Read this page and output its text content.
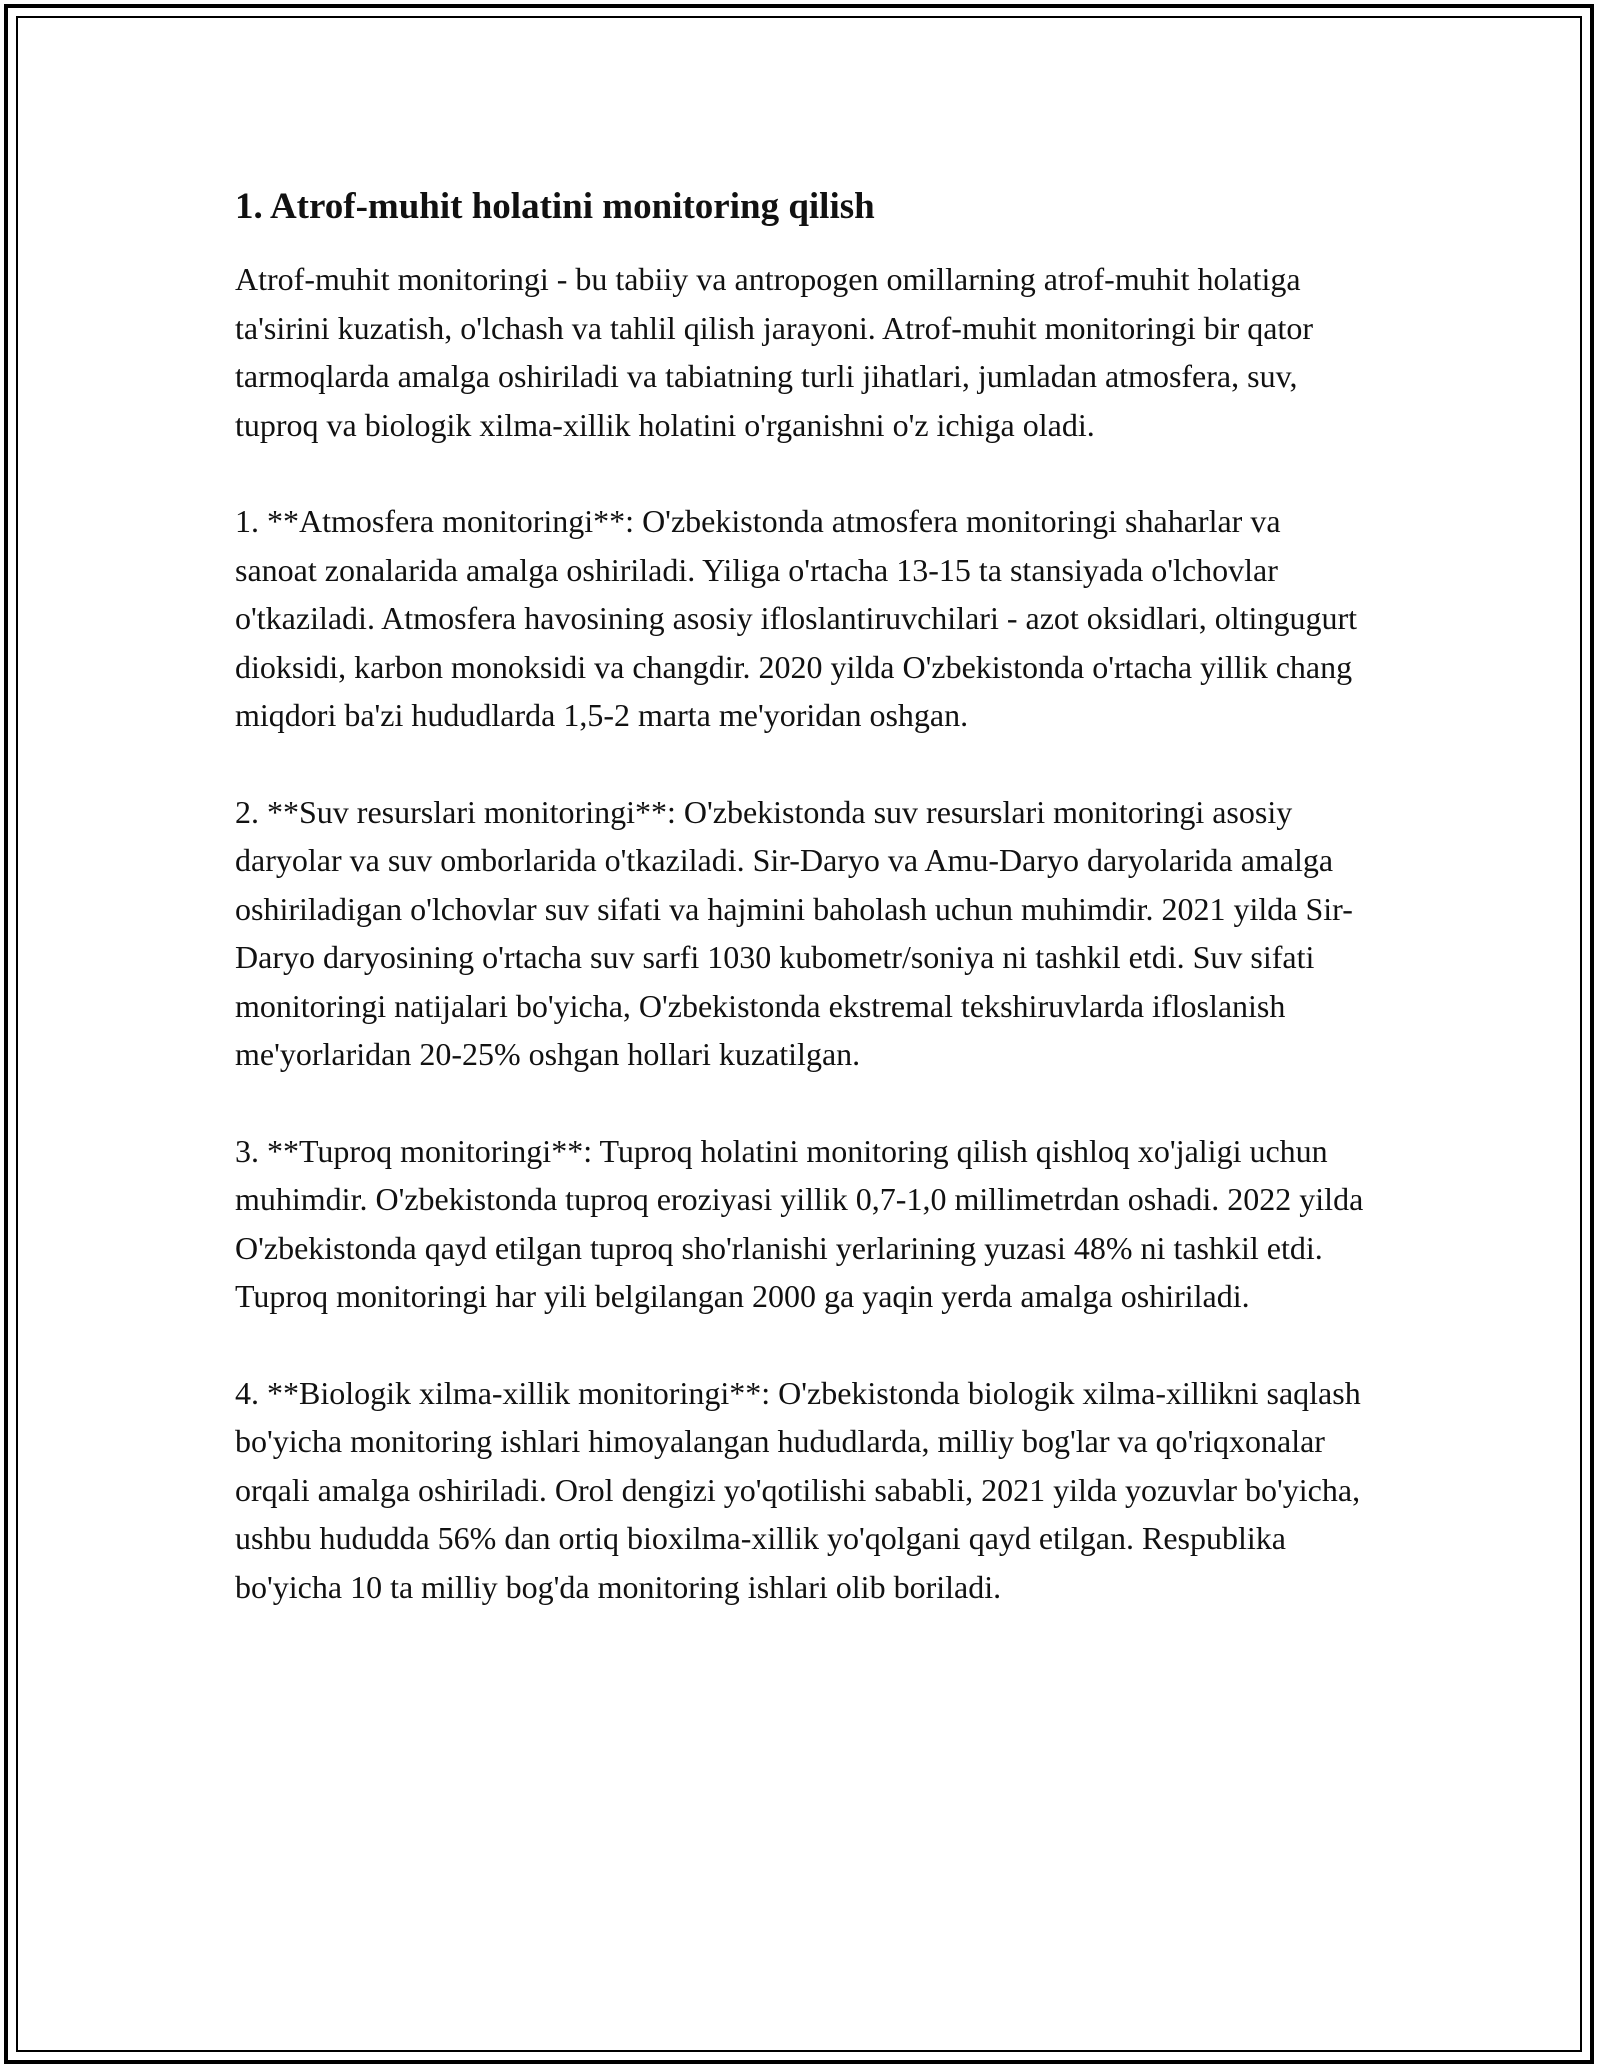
1. Atrof-muhit holatini monitoring qilish

Atrof-muhit monitoringi - bu tabiiy va antropogen omillarning atrof-muhit holatiga ta'sirini kuzatish, o'lchash va tahlil qilish jarayoni. Atrof-muhit monitoringi bir qator tarmoqlarda amalga oshiriladi va tabiatning turli jihatlari, jumladan atmosfera, suv, tuproq va biologik xilma-xillik holatini o'rganishni o'z ichiga oladi.

1. **Atmosfera monitoringi**: O'zbekistonda atmosfera monitoringi shaharlar va sanoat zonalarida amalga oshiriladi. Yiliga o'rtacha 13-15 ta stansiyada o'lchovlar o'tkaziladi. Atmosfera havosining asosiy ifloslantiruvchilari - azot oksidlari, oltingugurt dioksidi, karbon monoksidi va changdir. 2020 yilda O'zbekistonda o'rtacha yillik chang miqdori ba'zi hududlarda 1,5-2 marta me'yoridan oshgan.

2. **Suv resurslari monitoringi**: O'zbekistonda suv resurslari monitoringi asosiy daryolar va suv omborlarida o'tkaziladi. Sir-Daryo va Amu-Daryo daryolarida amalga oshiriladigan o'lchovlar suv sifati va hajmini baholash uchun muhimdir. 2021 yilda Sir-Daryo daryosining o'rtacha suv sarfi 1030 kubometr/soniya ni tashkil etdi. Suv sifati monitoringi natijalari bo'yicha, O'zbekistonda ekstremal tekshiruvlarda ifloslanish me'yorlaridan 20-25% oshgan hollari kuzatilgan.

3. **Tuproq monitoringi**: Tuproq holatini monitoring qilish qishloq xo'jaligi uchun muhimdir. O'zbekistonda tuproq eroziyasi yillik 0,7-1,0 millimetrdan oshadi. 2022 yilda O'zbekistonda qayd etilgan tuproq sho'rlanishi yerlarining yuzasi 48% ni tashkil etdi. Tuproq monitoringi har yili belgilangan 2000 ga yaqin yerda amalga oshiriladi.

4. **Biologik xilma-xillik monitoringi**: O'zbekistonda biologik xilma-xillikni saqlash bo'yicha monitoring ishlari himoyalangan hududlarda, milliy bog'lar va qo'riqxonalar orqali amalga oshiriladi. Orol dengizi yo'qotilishi sababli, 2021 yilda yozuvlar bo'yicha, ushbu hududda 56% dan ortiq bioxilma-xillik yo'qolgani qayd etilgan. Respublika bo'yicha 10 ta milliy bog'da monitoring ishlari olib boriladi.
